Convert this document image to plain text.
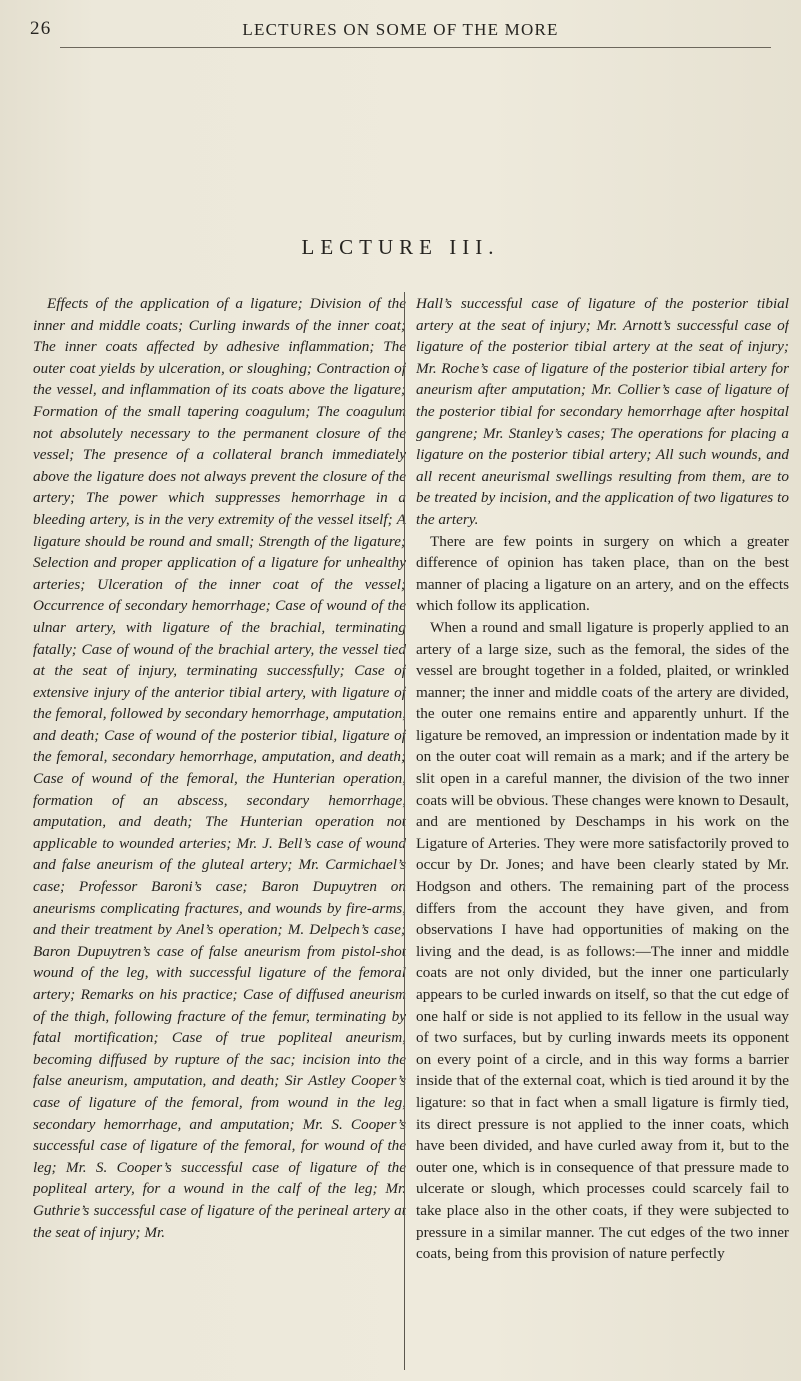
26	LECTURES ON SOME OF THE MORE
LECTURE III.

Effects of the application of a ligature; Division of the inner and middle coats; Curling inwards of the inner coat; The inner coats affected by adhesive inflammation; The outer coat yields by ulceration, or sloughing; Contraction of the vessel, and inflammation of its coats above the ligature; Formation of the small tapering coagulum; The coagulum not absolutely necessary to the permanent closure of the vessel; The presence of a collateral branch immediately above the ligature does not always prevent the closure of the artery; The power which suppresses hemorrhage in a bleeding artery, is in the very extremity of the vessel itself; A ligature should be round and small; Strength of the ligature; Selection and proper application of a ligature for unhealthy arteries; Ulceration of the inner coat of the vessel; Occurrence of secondary hemorrhage; Case of wound of the ulnar artery, with ligature of the brachial, terminating fatally; Case of wound of the brachial artery, the vessel tied at the seat of injury, terminating successfully; Case of extensive injury of the anterior tibial artery, with ligature of the femoral, followed by secondary hemorrhage, amputation, and death; Case of wound of the posterior tibial, ligature of the femoral, secondary hemorrhage, amputation, and death; Case of wound of the femoral, the Hunterian operation, formation of an abscess, secondary hemorrhage, amputation, and death; The Hunterian operation not applicable to wounded arteries; Mr. J. Bell’s case of wound and false aneurism of the gluteal artery; Mr. Carmichael’s case; Professor Baroni’s case; Baron Dupuytren on aneurisms complicating fractures, and wounds by fire-arms, and their treatment by Anel’s operation; M. Delpech’s case; Baron Dupuytren’s case of false aneurism from pistol-shot wound of the leg, with successful ligature of the femoral artery; Remarks on his practice; Case of diffused aneurism of the thigh, following fracture of the femur, terminating by fatal mortification; Case of true popliteal aneurism, becoming diffused by rupture of the sac; incision into the false aneurism, amputation, and death; Sir Astley Cooper’s case of ligature of the femoral, from wound in the leg, secondary hemorrhage, and amputation; Mr. S. Cooper’s successful case of ligature of the femoral, for wound of the leg; Mr. S. Cooper’s successful case of ligature of the popliteal artery, for a wound in the calf of the leg; Mr. Guthrie’s successful case of ligature of the perineal artery at the seat of injury; Mr.

Hall’s successful case of ligature of the posterior tibial artery at the seat of injury; Mr. Arnott’s successful case of ligature of the posterior tibial artery at the seat of injury; Mr. Roche’s case of ligature of the posterior tibial artery for aneurism after amputation; Mr. Collier’s case of ligature of the posterior tibial for secondary hemorrhage after hospital gangrene; Mr. Stanley’s cases; The operations for placing a ligature on the posterior tibial artery; All such wounds, and all recent aneurismal swellings resulting from them, are to be treated by incision, and the application of two ligatures to the artery.

There are few points in surgery on which a greater difference of opinion has taken place, than on the best manner of placing a ligature on an artery, and on the effects which follow its application.

When a round and small ligature is properly applied to an artery of a large size, such as the femoral, the sides of the vessel are brought together in a folded, plaited, or wrinkled manner; the inner and middle coats of the artery are divided, the outer one remains entire and apparently unhurt. If the ligature be removed, an impression or indentation made by it on the outer coat will remain as a mark; and if the artery be slit open in a careful manner, the division of the two inner coats will be obvious. These changes were known to Desault, and are mentioned by Deschamps in his work on the Ligature of Arteries. They were more satisfactorily proved to occur by Dr. Jones; and have been clearly stated by Mr. Hodgson and others. The remaining part of the process differs from the account they have given, and from observations I have had opportunities of making on the living and the dead, is as follows:—The inner and middle coats are not only divided, but the inner one particularly appears to be curled inwards on itself, so that the cut edge of one half or side is not applied to its fellow in the usual way of two surfaces, but by curling inwards meets its opponent on every point of a circle, and in this way forms a barrier inside that of the external coat, which is tied around it by the ligature: so that in fact when a small ligature is firmly tied, its direct pressure is not applied to the inner coats, which have been divided, and have curled away from it, but to the outer one, which is in consequence of that pressure made to ulcerate or slough, which processes could scarcely fail to take place also in the other coats, if they were subjected to pressure in a similar manner. The cut edges of the two inner coats, being from this provision of nature perfectly
